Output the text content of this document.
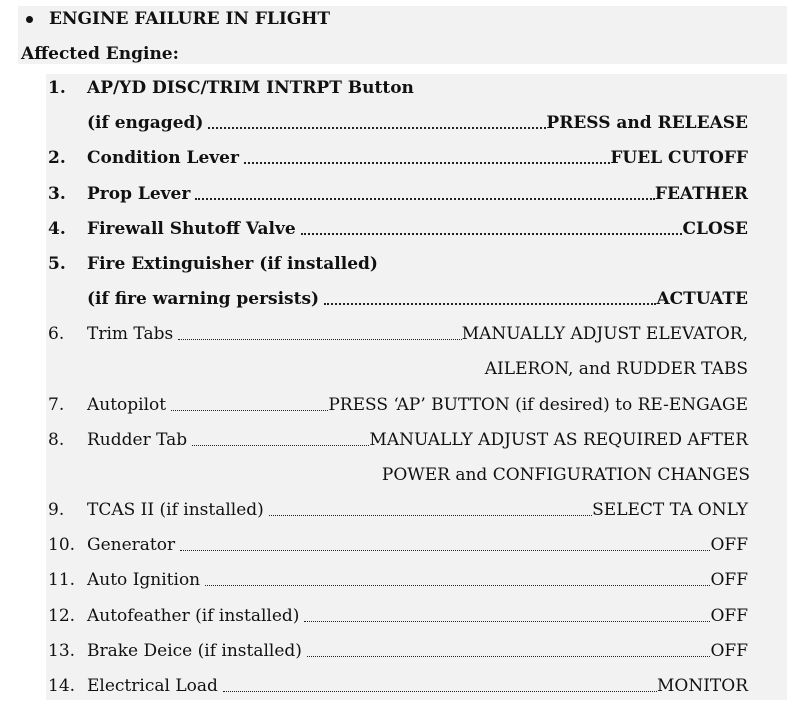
ENGINE FAILURE IN FLIGHT
Affected Engine:
1.	AP/YD DISC/TRIM INTRPT Button
(if engaged)	PRESS and RELEASE
2.	Condition Lever	FUEL CUTOFF
3.	Prop Lever	FEATHER
4.	Firewall Shutoff Valve	CLOSE
5.	Fire Extinguisher (if installed)
(if fire warning persists)	ACTUATE
6.	Trim Tabs	MANUALLY ADJUST ELEVATOR,
AILERON, and RUDDER TABS
7.	Autopilot	PRESS ‘AP’ BUTTON (if desired) to RE-ENGAGE
8.	Rudder Tab	MANUALLY ADJUST AS REQUIRED AFTER
POWER and CONFIGURATION CHANGES
9.	TCAS II (if installed)	SELECT TA ONLY
10. Generator	OFF
11. Auto Ignition	OFF
12. Autofeather (if installed)	OFF
13. Brake Deice (if installed)	OFF
14. Electrical Load	MONITOR
